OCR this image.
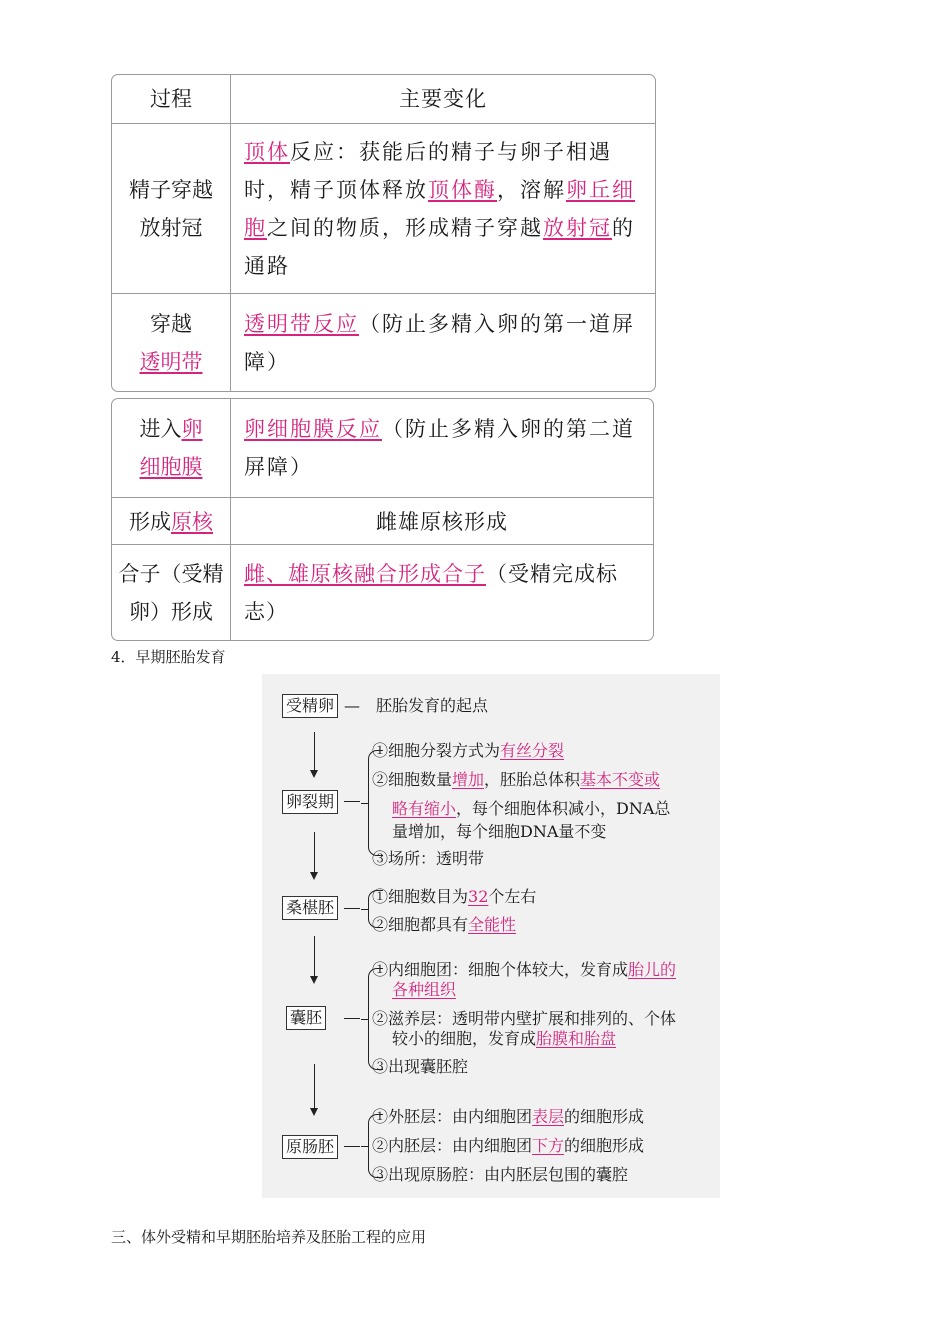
过程	主要变化

精子穿越
放射冠

顶体反应：获能后的精子与卵子相遇时，精子顶体释放顶体酶，溶解卵丘细胞之间的物质，形成精子穿越放射冠的通路

穿越
透明带

透明带反应（防止多精入卵的第一道屏障）

进入卵
细胞膜

卵细胞膜反应（防止多精入卵的第二道屏障）

形成原核	雌雄原核形成

合子（受精
卵）形成

雌、雄原核融合形成合子（受精完成标志）

4．早期胚胎发育
受精卵 —　胚胎发育的起点
卵裂期
桑椹胚
囊胚
原肠胚
①细胞分裂方式为有丝分裂
②细胞数量增加，胚胎总体积基本不变或
略有缩小，每个细胞体积减小，DNA总
量增加，每个细胞DNA量不变
③场所：透明带
①细胞数目为32个左右
②细胞都具有全能性
①内细胞团：细胞个体较大，发育成胎儿的
各种组织
②滋养层：透明带内壁扩展和排列的、个体
较小的细胞，发育成胎膜和胎盘
③出现囊胚腔
①外胚层：由内细胞团表层的细胞形成
②内胚层：由内细胞团下方的细胞形成
③出现原肠腔：由内胚层包围的囊腔
三、体外受精和早期胚胎培养及胚胎工程的应用
